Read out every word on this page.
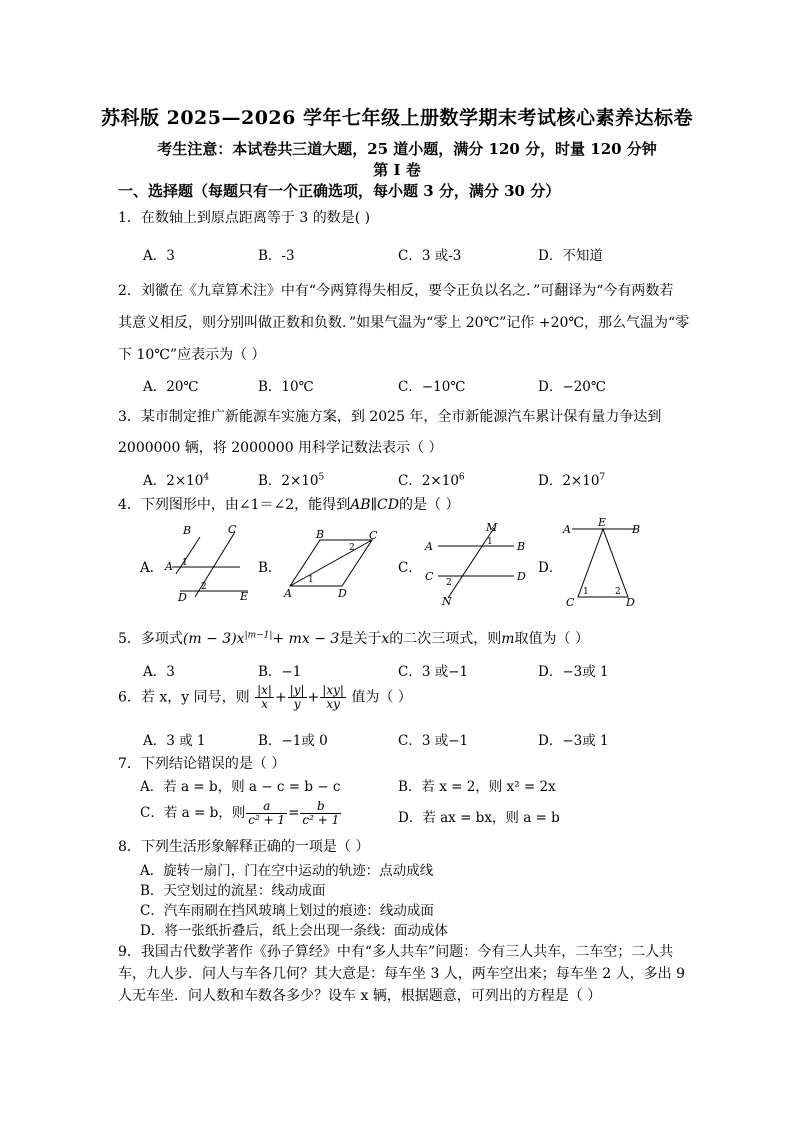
苏科版 2025—2026 学年七年级上册数学期末考试核心素养达标卷
考生注意：本试卷共三道大题，25 道小题，满分 120 分，时量 120 分钟
第 I 卷
一、选择题（每题只有一个正确选项，每小题 3 分，满分 30 分）
1．在数轴上到原点距离等于 3 的数是( )
A．3	B．-3	C．3 或-3	D．不知道
2．刘徽在《九章算术注》中有“今两算得失相反，要令正负以名之．”可翻译为“今有两数若
其意义相反，则分别叫做正数和负数．”如果气温为“零上 20℃”记作 +20℃，那么气温为“零
下 10℃”应表示为（ ）
A．20℃	B．10℃	C．−10℃	D．−20℃
3．某市制定推广新能源车实施方案，到 2025 年，全市新能源汽车累计保有量力争达到
2000000 辆，将 2000000 用科学记数法表示（ ）
A．$2\times 10^4$	B．$2\times 10^5$	C．$2\times 10^6$	D．$2\times 10^7$
4．下列图形中，由∠1＝∠2，能得到AB∥CD的是（ ）
A．
B	C
A 1
2
D	E
B．
B	C
2
1
A	D
C．
M
A	1 B
C 2	D
N
D．
A
E
B
1	2
C	D
5．多项式$(m - 3)x^{|m-1|}+$ mx − 3是关于x的二次三项式，则m取值为（ ）
A．3	B．−1	C．3 或−1	D．−3或 1
6．若 x，y 同号，则 $\frac{|x|}{x} + \frac{|y|}{y} + \frac{|xy|}{xy}$ 值为（ ）
A．3 或 1	B．−1或 0	C．3 或−1	D．−3或 1
7．下列结论错误的是（ ）
A．若 a = b，则 a − c = b − c	B．若 x = 2，则 x² = 2x
C．若 a = b，则 $\frac{a}{\text{c² + 1}} = \frac{b}{\text{c² + 1}}$	D．若 ax = bx，则 a = b
8．下列生活形象解释正确的一项是（ ）
A．旋转一扇门，门在空中运动的轨迹：点动成线
B．天空划过的流星：线动成面
C．汽车雨刷在挡风玻璃上划过的痕迹：线动成面
D．将一张纸折叠后，纸上会出现一条线：面动成体
9．我国古代数学著作《孙子算经》中有“多人共车”问题：今有三人共车，二车空；二人共
车，九人步．问人与车各几何？其大意是：每车坐 3 人，两车空出来；每车坐 2 人，多出 9
人无车坐．问人数和车数各多少？设车 x 辆，根据题意，可列出的方程是（ ）
